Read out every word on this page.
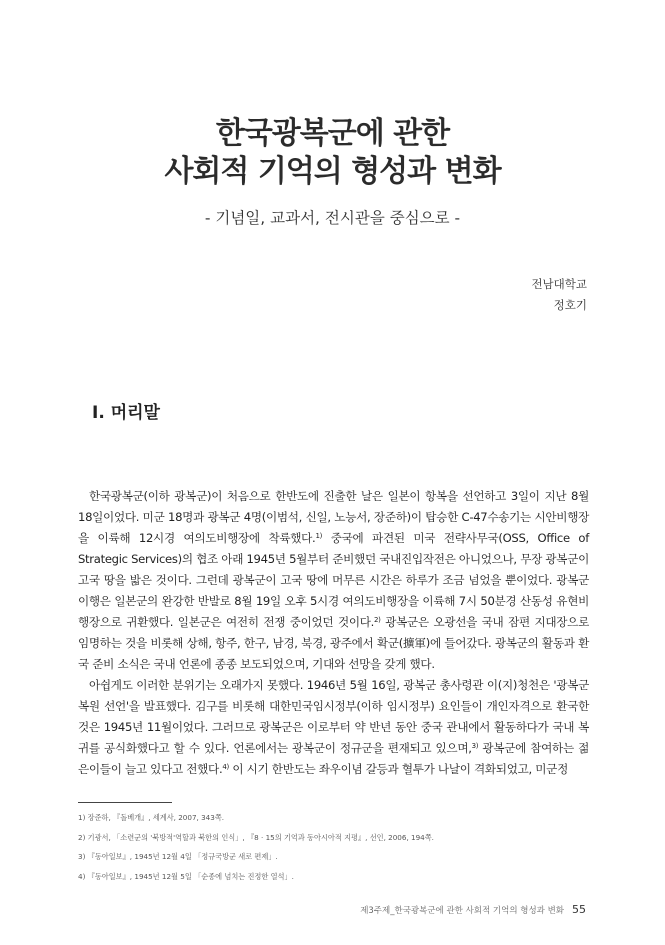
한국광복군에 관한
사회적 기억의 형성과 변화
- 기념일, 교과서, 전시관을 중심으로 -
전남대학교
정호기
Ⅰ. 머리말

한국광복군(이하 광복군)이 처음으로 한반도에 진출한 날은 일본이 항복을 선언하고 3일이 지난 8월 18일이었다. 미군 18명과 광복군 4명(이범석, 신일, 노능서, 장준하)이 탑승한 C-47수송기는 시안비행장을 이륙해 12시경 여의도비행장에 착륙했다.$^{1)}$ 중국에 파견된 미국 전략사무국(OSS, Office of Strategic Services)의 협조 아래 1945년 5월부터 준비했던 국내진입작전은 아니었으나, 무장 광복군이 고국 땅을 밟은 것이다. 그런데 광복군이 고국 땅에 머무른 시간은 하루가 조금 넘었을 뿐이었다. 광복군 이행은 일본군의 완강한 반발로 8월 19일 오후 5시경 여의도비행장을 이륙해 7시 50분경 산동성 유현비행장으로 귀환했다. 일본군은 여전히 전쟁 중이었던 것이다.$^{2)}$ 광복군은 오광선을 국내 잠편 지대장으로 임명하는 것을 비롯해 상해, 항주, 한구, 남경, 북경, 광주에서 확군(擴軍)에 들어갔다. 광복군의 활동과 환국 준비 소식은 국내 언론에 종종 보도되었으며, 기대와 선망을 갖게 했다.

아쉽게도 이러한 분위기는 오래가지 못했다. 1946년 5월 16일, 광복군 총사령관 이(지)청천은 '광복군 복원 선언'을 발표했다. 김구를 비롯해 대한민국임시정부(이하 임시정부) 요인들이 개인자격으로 환국한 것은 1945년 11월이었다. 그러므로 광복군은 이로부터 약 반년 동안 중국 관내에서 활동하다가 국내 복귀를 공식화했다고 할 수 있다. 언론에서는 광복군이 정규군을 편재되고 있으며,$^{3)}$ 광복군에 참여하는 젊은이들이 늘고 있다고 전했다.$^{4)}$ 이 시기 한반도는 좌우이념 갈등과 혈투가 나날이 격화되었고, 미군정

1) 장준하, 『돌베개』, 세계사, 2007, 343쪽.
2) 기광서, 「소련군의 '북방적'역할과 북한의 인식」, 『8 · 15의 기억과 동아시아적 지평』, 선인, 2006, 194쪽.
3) 『동아일보』, 1945년 12월 4일 「정규국방군 새로 편제」.
4) 『동아일보』, 1945년 12월 5일 「순종에 넘치는 진정한 열석」.
제3주제_한국광복군에 관한 사회적 기억의 형성과 변화 55
